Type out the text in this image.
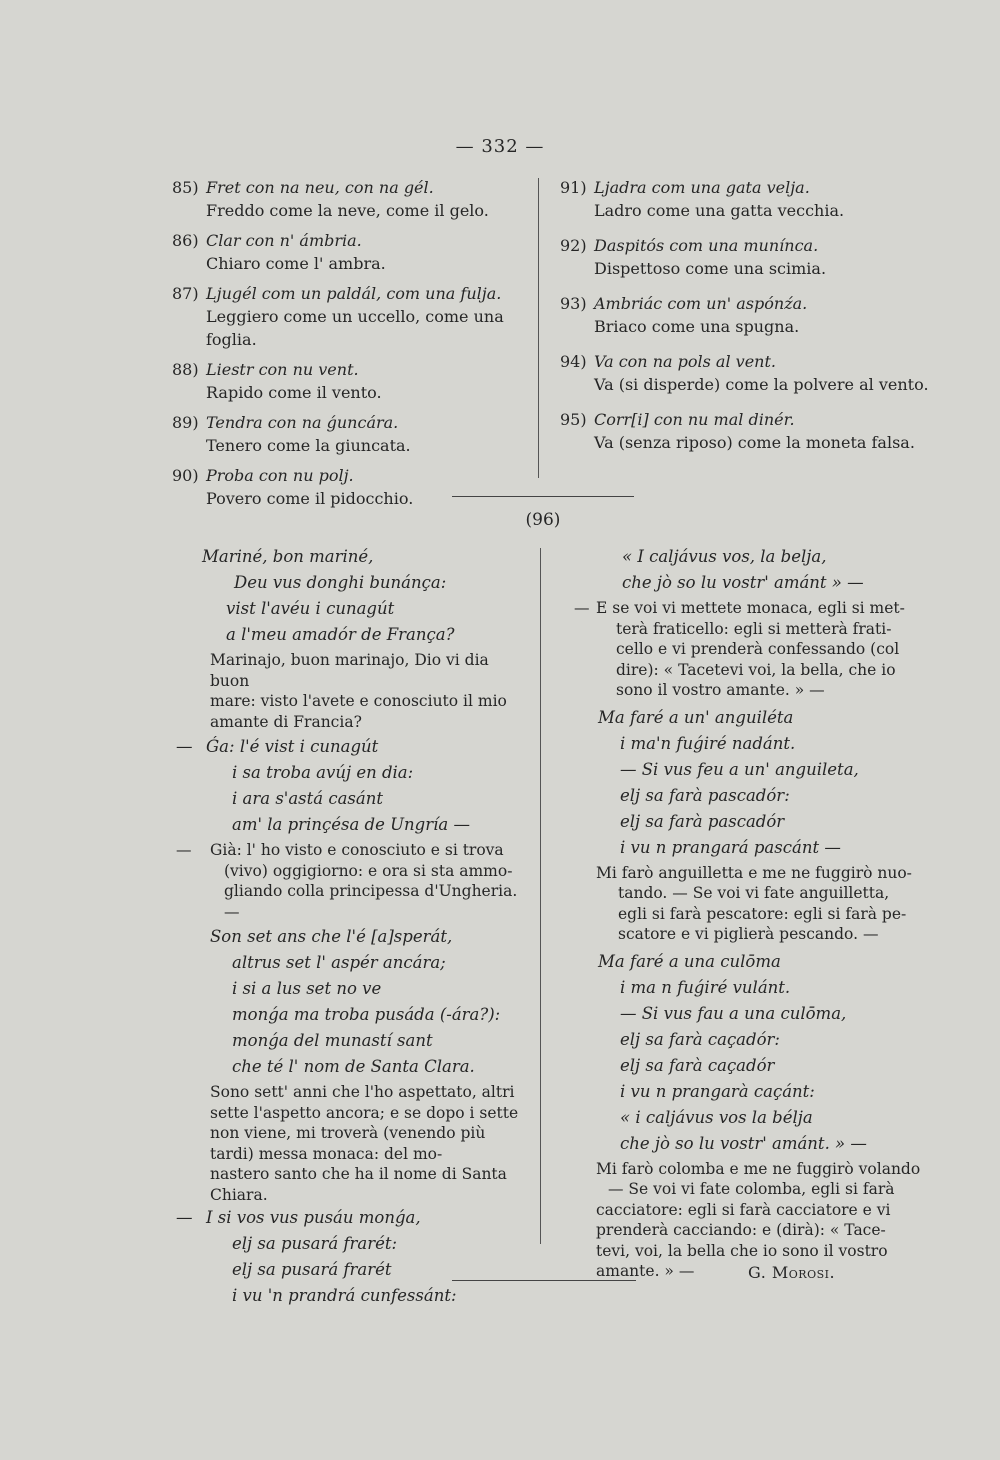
— 332 —
85) Fret con na neu, con na gél.
Freddo come la neve, come il gelo.
86) Clar con n' ámbria.
Chiaro come l' ambra.
87) Ljugél com un paldál, com una fulja.
Leggiero come un uccello, come una foglia.
88) Liestr con nu vent.
Rapido come il vento.
89) Tendra con na ǵuncára.
Tenero come la giuncata.
90) Proba con nu polj.
Povero come il pidocchio.
91) Ljadra com una gata velja.
Ladro come una gatta vecchia.
92) Daspitós com una munínca.
Dispettoso come una scimia.
93) Ambriác com un' aspónźa.
Briaco come una spugna.
94) Va con na pols al vent.
Va (si disperde) come la polvere al vento.
95) Corr[i] con nu mal dinér.
Va (senza riposo) come la moneta falsa.
(96)
Mariné, bon mariné,
Deu vus donghi bunánça:
vist l'avéu i cunagút
a l'meu amadór de França?
Marinajo, buon marinajo, Dio vi dia buon
mare: visto l'avete e conosciuto il mio
amante di Francia?
— Ǵa: l'é vist i cunagút
i sa troba avúj en dia:
i ara s'astá casánt
am' la prinçésa de Ungría —
— Già: l' ho visto e conosciuto e si trova
(vivo) oggigiorno: e ora si sta ammo-
gliando colla principessa d'Ungheria.—
Son set ans che l'é [a]sperát,
altrus set l' aspér ancára;
i si a lus set no ve
monǵa ma troba pusáda (-ára?):
monǵa del munastí sant
che té l' nom de Santa Clara.
Sono sett' anni che l'ho aspettato, altri
sette l'aspetto ancora; e se dopo i sette
non viene, mi troverà (venendo più
tardi) messa monaca: del mo-
nastero santo che ha il nome di Santa
Chiara.
— I si vos vus pusáu monǵa,
elj sa pusará frarét:
elj sa pusará frarét
i vu 'n prandrá cunfessánt:
« I caljávus vos, la belja,
che jò so lu vostr' amánt » —
— E se voi vi mettete monaca, egli si met-
terà fraticello: egli si metterà frati-
cello e vi prenderà confessando (col
dire): « Tacetevi voi, la bella, che io
sono il vostro amante. » —
Ma faré a un' anguiléta
i ma'n fuǵiré nadánt.
— Si vus feu a un' anguileta,
elj sa farà pascadór:
elj sa farà pascadór
i vu n prangará pascánt —
Mi farò anguilletta e me ne fuggirò nuo-
tando. — Se voi vi fate anguilletta,
egli si farà pescatore: egli si farà pe-
scatore e vi piglierà pescando. —
Ma faré a una culōma
i ma n fuǵiré vulánt.
— Si vus fau a una culōma,
elj sa farà caçadór:
elj sa farà caçadór
i vu n prangarà caçánt:
« i caljávus vos la bélja
che jò so lu vostr' amánt. » —
Mi farò colomba e me ne fuggirò volando
— Se voi vi fate colomba, egli si farà
cacciatore: egli si farà cacciatore e vi
prenderà cacciando: e (dirà): « Tace-
tevi, voi, la bella che io sono il vostro
amante. » —	G. Morosi.
